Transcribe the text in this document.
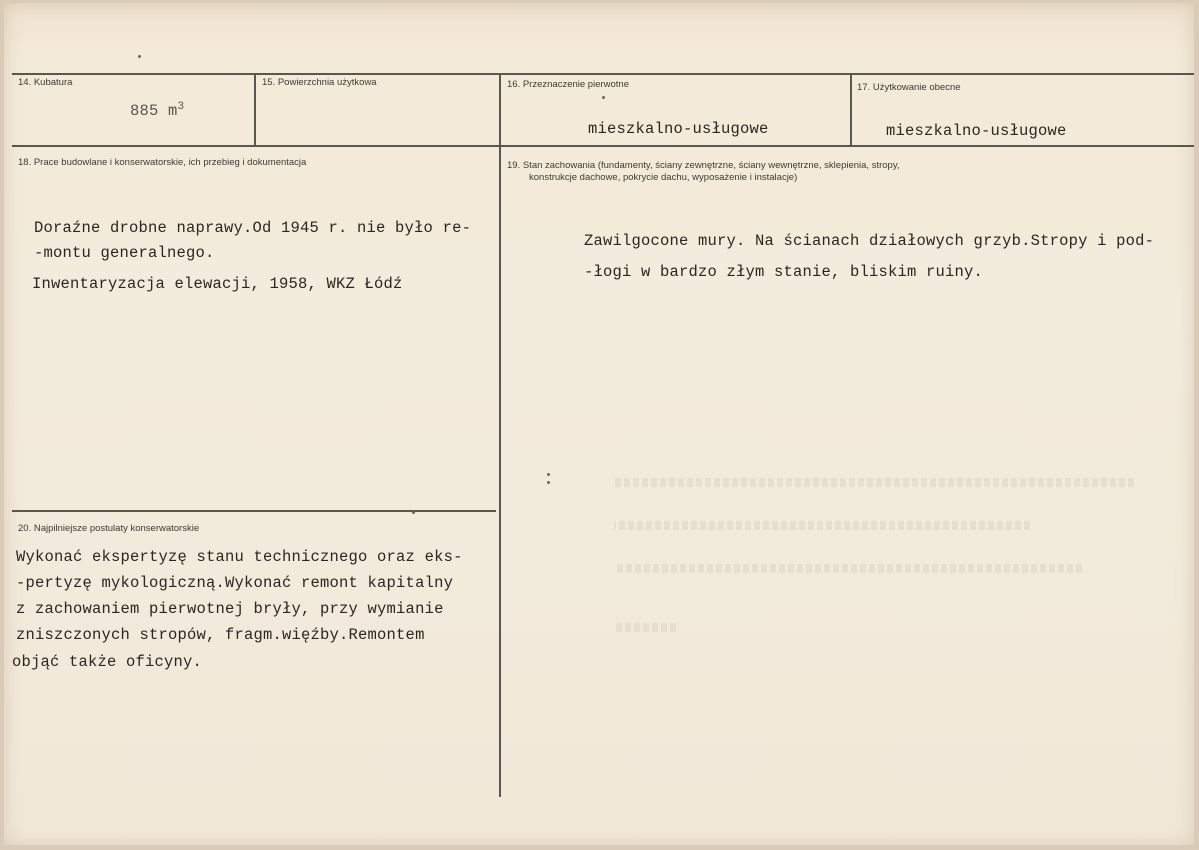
14. Kubatura
885 $m^3$
15. Powierzchnia użytkowa	16. Przeznaczenie pierwotne
mieszkalno-usługowe
17. Użytkowanie obecne
mieszkalno-usługowe
18. Prace budowlane i konserwatorskie, ich przebieg i dokumentacja
Doraźne drobne naprawy.Od 1945 r. nie było re-
-montu generalnego.
Inwentaryzacja elewacji, 1958, WKZ Łódź
19. Stan zachowania (fundamenty, ściany zewnętrzne, ściany wewnętrzne, sklepienia, stropy,
konstrukcje dachowe, pokrycie dachu, wyposażenie i instalacje)
Zawilgocone mury. Na ścianach działowych grzyb.Stropy i pod-
-łogi w bardzo złym stanie, bliskim ruiny.
20. Najpilniejsze postulaty konserwatorskie
Wykonać ekspertyzę stanu technicznego oraz eks-
-pertyzę mykologiczną.Wykonać remont kapitalny
z zachowaniem pierwotnej bryły, przy wymianie
zniszczonych stropów, fragm.więźby.Remontem
objąć także oficyny.
